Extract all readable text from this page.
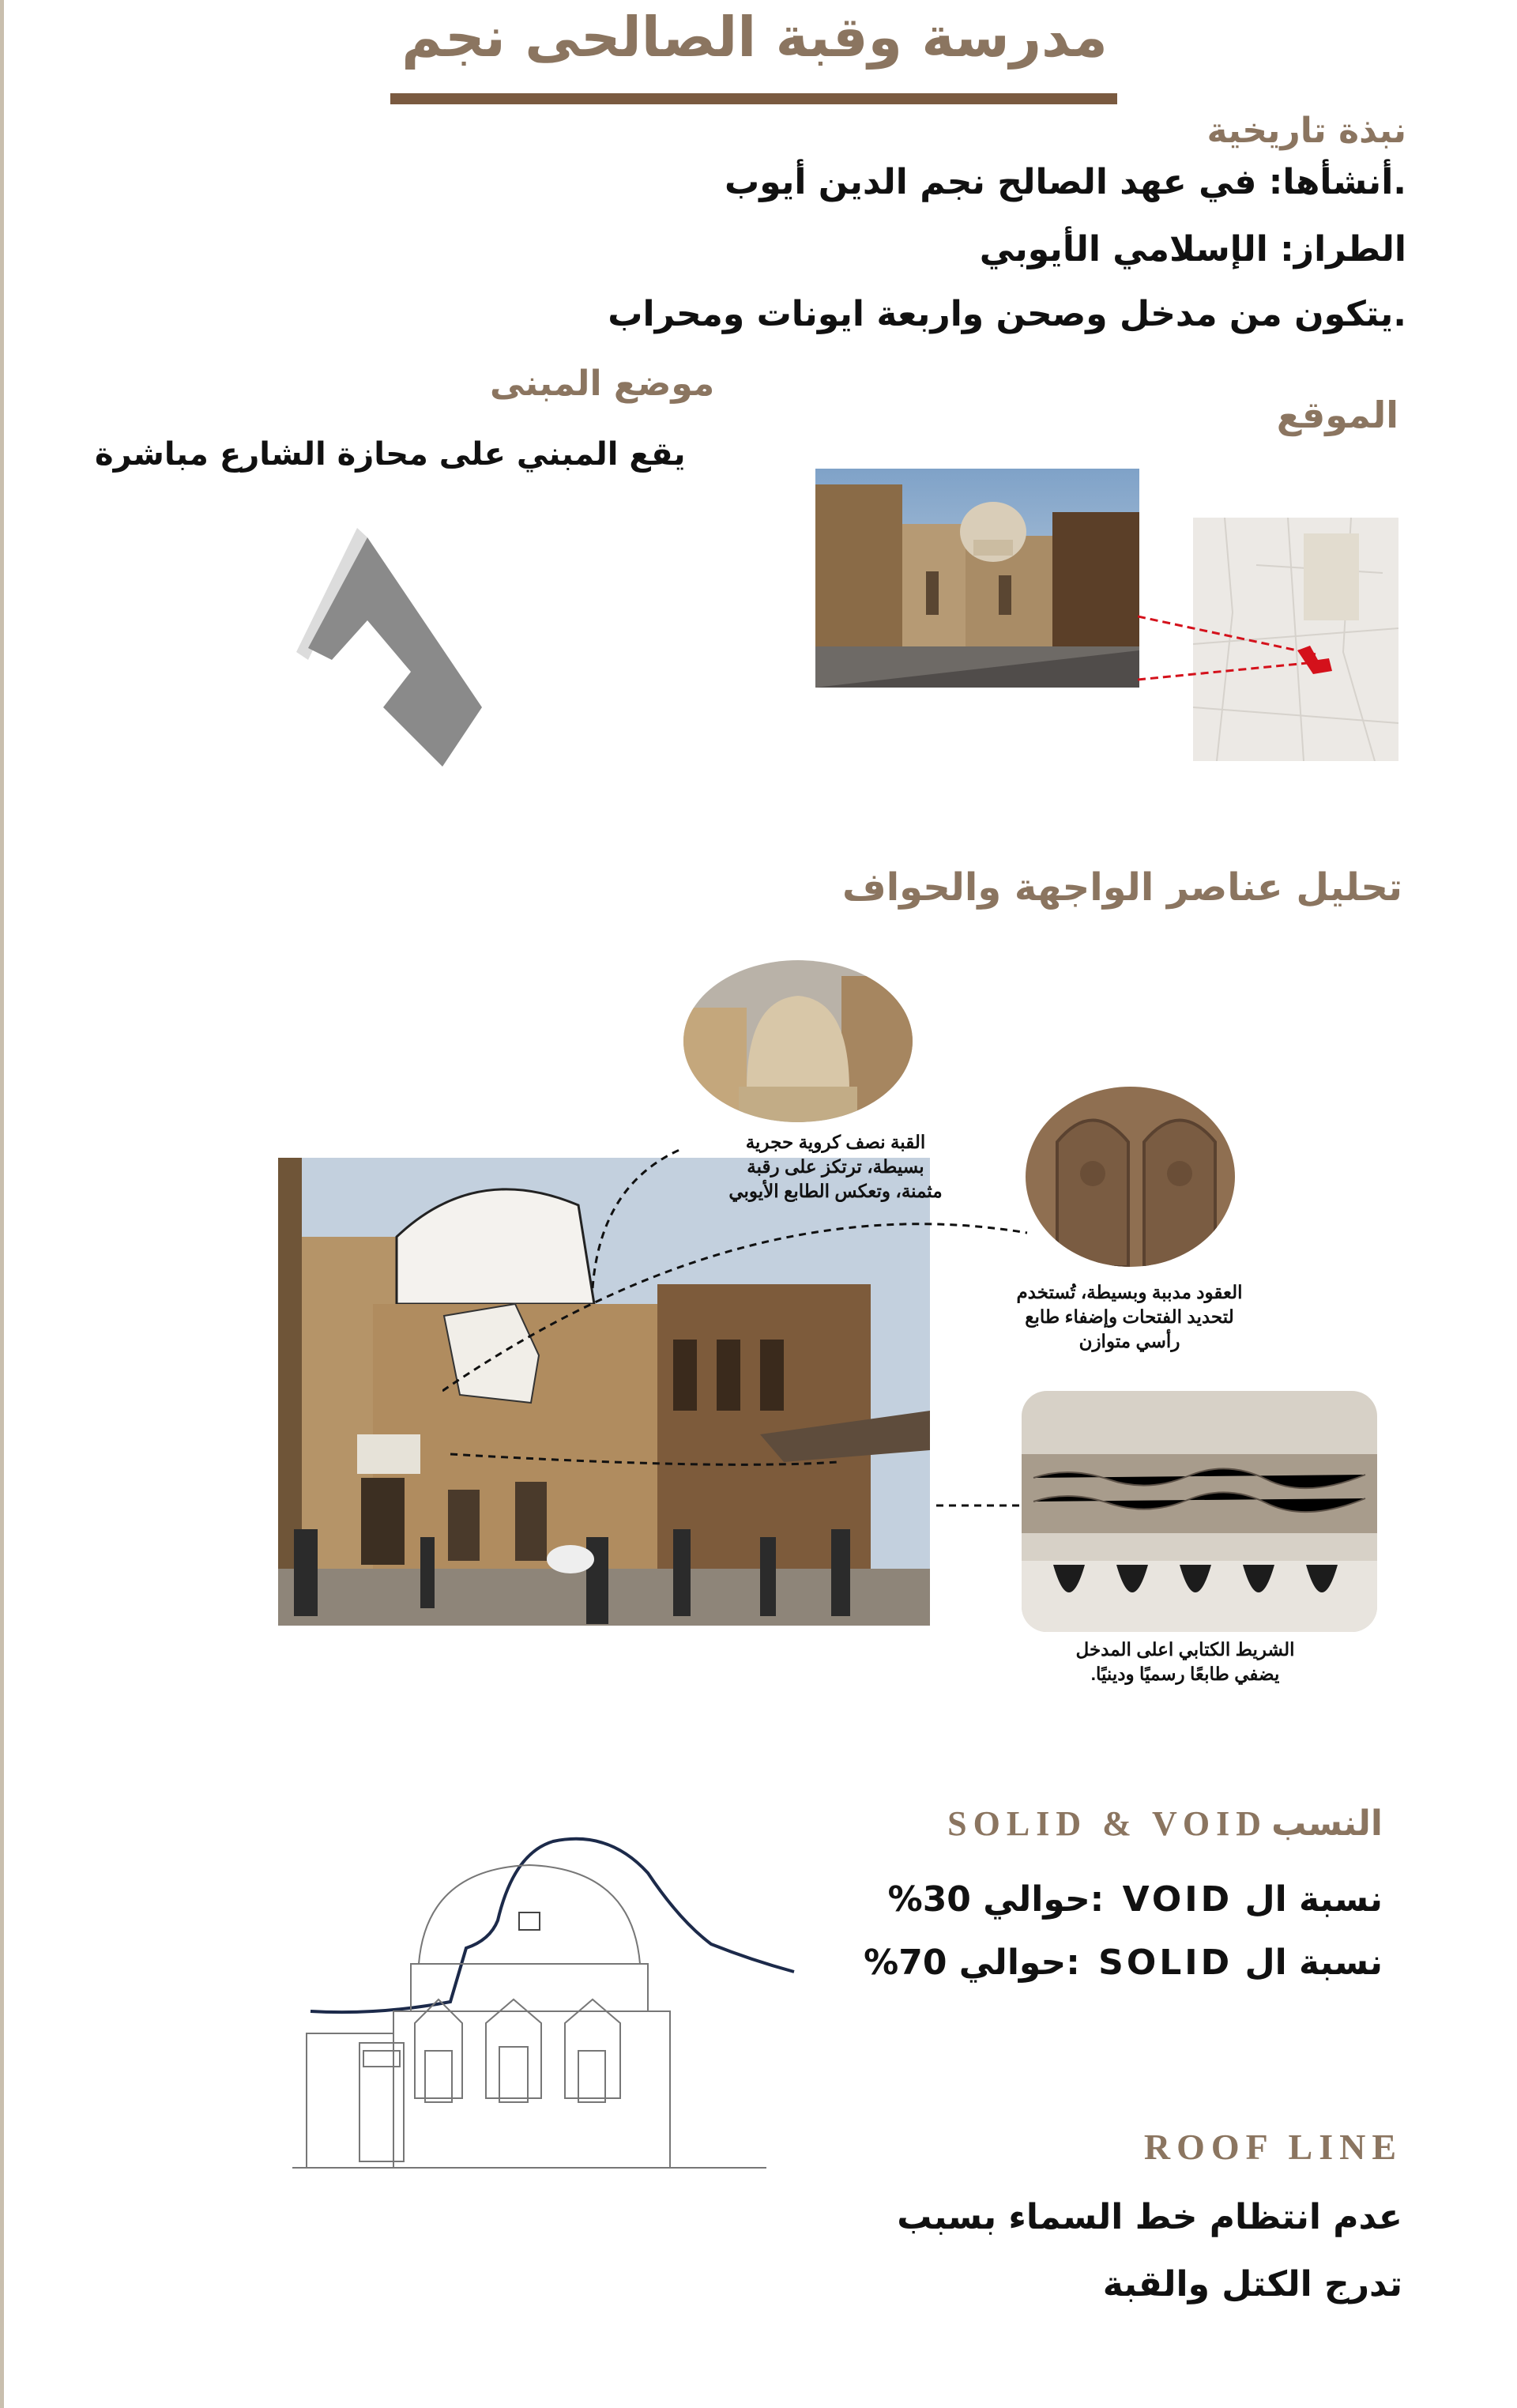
مدرسة وقبة الصالحى نجم
نبذة تاريخية
.أنشأها: في عهد الصالح نجم الدين أيوب
الطراز: الإسلامي الأيوبي
.يتكون من مدخل وصحن واربعة ايونات ومحراب
موضع المبنى
يقع المبني على محازة الشارع مباشرة
الموقع
تحليل عناصر الواجهة والحواف
القبة نصف كروية حجرية بسيطة، ترتكز على رقبة مثمنة، وتعكس الطابع الأيوبي
العقود مدببة وبسيطة، تُستخدم لتحديد الفتحات وإضفاء طابع رأسي متوازن
الشريط الكتابي اعلى المدخل يضفي طابعًا رسميًا ودينيًا.
SOLID & VOID النسب
نسبة ال VOID :حوالي 30%
نسبة ال SOLID :حوالي 70%
ROOF LINE
عدم انتظام خط السماء بسبب
تدرج الكتل والقبة
